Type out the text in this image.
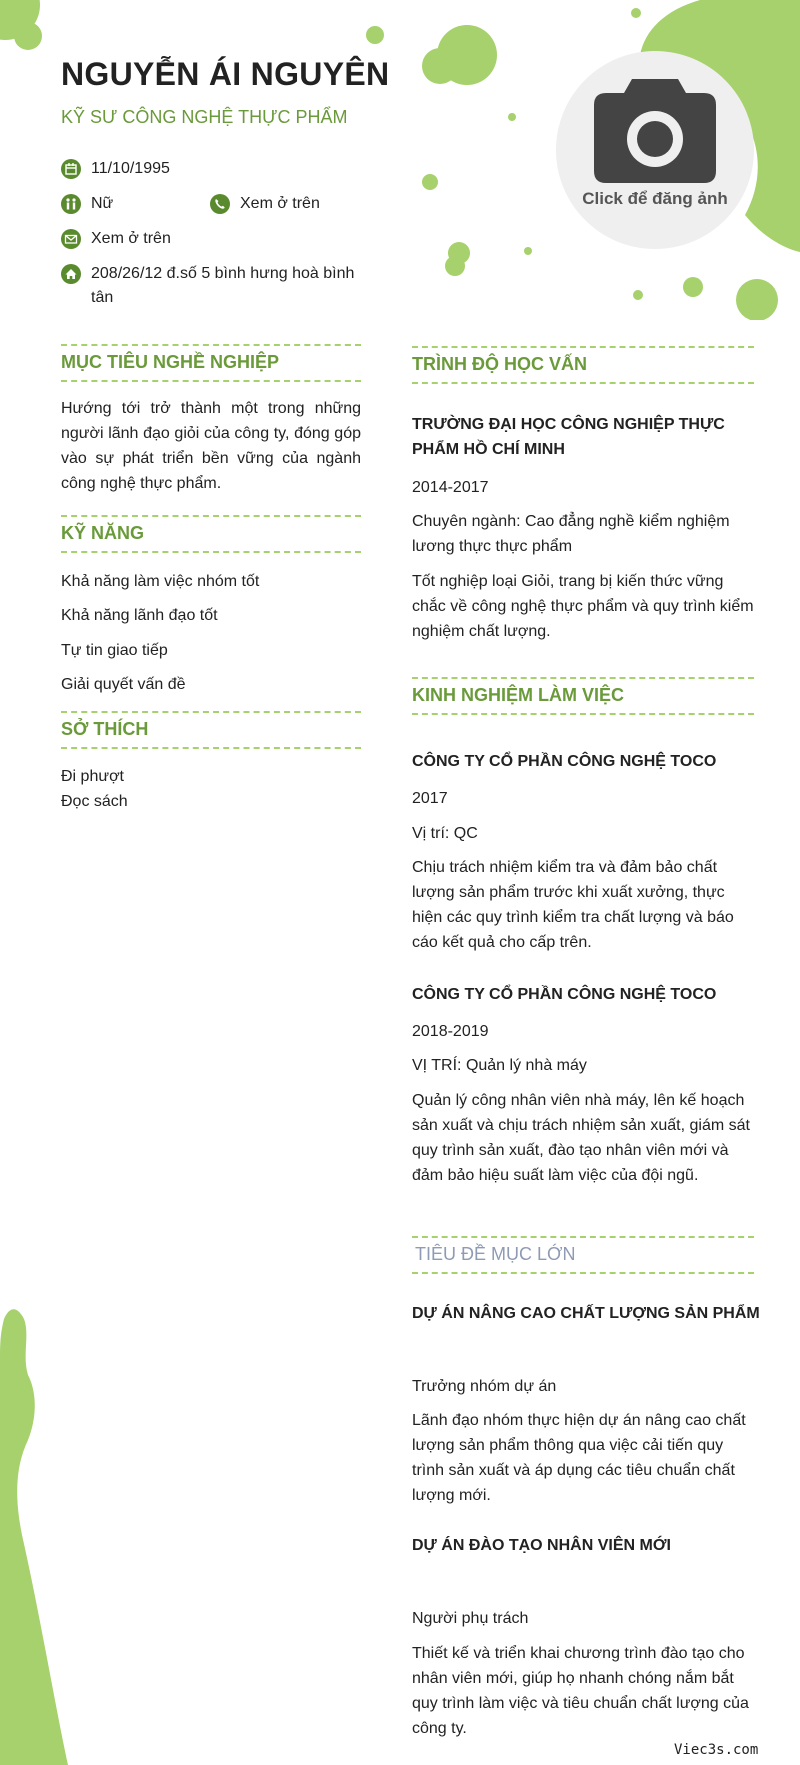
NGUYỄN ÁI NGUYÊN
KỸ SƯ CÔNG NGHỆ THỰC PHẨM
Click để đăng ảnh
11/10/1995
Nữ	Xem ở trên
Xem ở trên
208/26/12 đ.số 5 bình hưng hoà bình
tân
MỤC TIÊU NGHỀ NGHIỆP
Hướng tới trở thành một trong những người lãnh đạo giỏi của công ty, đóng góp vào sự phát triển bền vững của ngành công nghệ thực phẩm.
KỸ NĂNG
Khả năng làm việc nhóm tốt
Khả năng lãnh đạo tốt
Tự tin giao tiếp
Giải quyết vấn đề
SỞ THÍCH
Đi phượt
Đọc sách
TRÌNH ĐỘ HỌC VẤN
TRƯỜNG ĐẠI HỌC CÔNG NGHIỆP THỰC PHẨM HỒ CHÍ MINH
2014-2017
Chuyên ngành: Cao đẳng nghề kiểm nghiệm lương thực thực phẩm
Tốt nghiệp loại Giỏi, trang bị kiến thức vững chắc về công nghệ thực phẩm và quy trình kiểm nghiệm chất lượng.
KINH NGHIỆM LÀM VIỆC
CÔNG TY CỔ PHẦN CÔNG NGHỆ TOCO
2017
Vị trí: QC
Chịu trách nhiệm kiểm tra và đảm bảo chất lượng sản phẩm trước khi xuất xưởng, thực hiện các quy trình kiểm tra chất lượng và báo cáo kết quả cho cấp trên.
CÔNG TY CỔ PHẦN CÔNG NGHỆ TOCO
2018-2019
VỊ TRÍ: Quản lý nhà máy
Quản lý công nhân viên nhà máy, lên kế hoạch sản xuất và chịu trách nhiệm sản xuất, giám sát quy trình sản xuất, đào tạo nhân viên mới và đảm bảo hiệu suất làm việc của đội ngũ.
TIÊU ĐỀ MỤC LỚN
DỰ ÁN NÂNG CAO CHẤT LƯỢNG SẢN PHẨM
Trưởng nhóm dự án
Lãnh đạo nhóm thực hiện dự án nâng cao chất lượng sản phẩm thông qua việc cải tiến quy trình sản xuất và áp dụng các tiêu chuẩn chất lượng mới.
DỰ ÁN ĐÀO TẠO NHÂN VIÊN MỚI
Người phụ trách
Thiết kế và triển khai chương trình đào tạo cho nhân viên mới, giúp họ nhanh chóng nắm bắt quy trình làm việc và tiêu chuẩn chất lượng của công ty.
Viec3s.com
